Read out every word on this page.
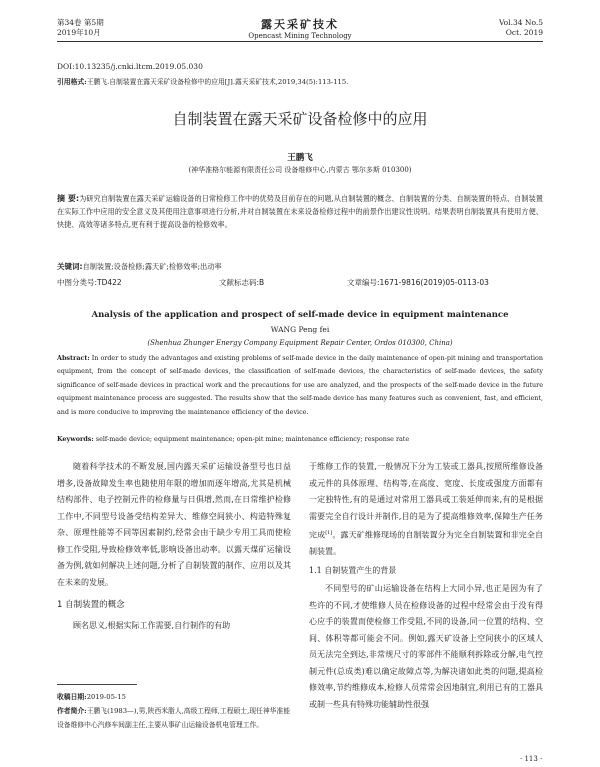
第34卷 第5期
2019年10月
露天采矿技术
Opencast Mining Technology
Vol.34 No.5
Oct. 2019
DOI:10.13235/j.cnki.ltcm.2019.05.030
引用格式:王鹏飞.自制装置在露天采矿设备检修中的应用[J].露天采矿技术,2019,34(5):113-115.
自制装置在露天采矿设备检修中的应用
王鹏飞
(神华准格尔能源有限责任公司 设备维修中心,内蒙古 鄂尔多斯 010300)
摘 要:为研究自制装置在露天采矿运输设备的日常检修工作中的优势及目前存在的问题,从自制装置的概念、自制装置的分类、自制装置的特点、自制装置在实际工作中应用的安全意义及其使用注意事项进行分析,并对自制装置在未来设备检修过程中的前景作出建议性说明。结果表明自制装置具有使用方便、快捷、高效等诸多特点,更有利于提高设备的检修效率。
关键词:自制装置;设备检修;露天矿;检修效率;出动率
中图分类号:TD422	文献标志码:B	文章编号:1671-9816(2019)05-0113-03
Analysis of the application and prospect of self-made device in equipment maintenance
WANG Peng fei
(Shenhua Zhunger Energy Company Equipment Repair Center, Ordos 010300, China)
Abstract: In order to study the advantages and existing problems of self-made device in the daily maintenance of open-pit mining and transportation equipment, from the concept of self-made devices, the classification of self-made devices, the characteristics of self-made devices, the safety significance of self-made devices in practical work and the precautions for use are analyzed, and the prospects of the self-made device in the future equipment maintenance process are suggested. The results show that the self-made device has many features such as convenient, fast, and efficient, and is more conducive to improving the maintenance efficiency of the device.
Keywords: self-made device; equipment maintenance; open-pit mine; maintenance efficiency; response rate

随着科学技术的不断发展,国内露天采矿运输设备型号也日益增多,设备故障发生率也随使用年限的增加而逐年增高,尤其是机械结构部件、电子控制元件的检修量与日俱增,然而,在日常维护检修工作中,不同型号设备受结构差异大、维修空间狭小、构造特殊复杂、原理性能等不同等因素制约,经常会由于缺少专用工具而使检修工作受阻,导致检修效率低,影响设备出动率。以露天煤矿运输设备为例,就如何解决上述问题,分析了自制装置的制作、应用以及其在未来的发展。

1 自制装置的概念

顾名思义,根据实际工作需要,自行制作的有助

于维修工作的装置,一般情况下分为工装或工器具,按照所维修设备或元件的具体原理、结构等,在高度、宽度、长度或强度方面都有一定独特性,有的是通过对常用工器具或工装延伸而来,有的是根据需要完全自行设计并制作,目的是为了提高维修效率,保障生产任务完成[1]。露天矿维修现场的自制装置分为完全自制装置和非完全自制装置。

1.1 自制装置产生的背景

不同型号的矿山运输设备在结构上大同小异,也正是因为有了些许的不同,才使维修人员在检修设备的过程中经常会由于没有得心应手的装置而使检修工作受阻,不同的设备,同一位置的结构、空间、体积等都可能会不同。例如,露天矿设备上空间狭小的区域人员无法完全到达,非常规尺寸的零部件不能顺利拆除或分解,电气控制元件(总成类)难以确定故障点等,为解决诸如此类的问题,提高检修效率,节约维修成本,检修人员常常会因地制宜,利用已有的工器具或制一些具有特殊功能辅助性很强

收稿日期:2019-05-15
作者简介:王鹏飞(1983—),男,陕西米脂人,高级工程师,工程硕士,现任神华准能设备维修中心汽修车间副主任,主要从事矿山运输设备机电管理工作。
· 113 ·
